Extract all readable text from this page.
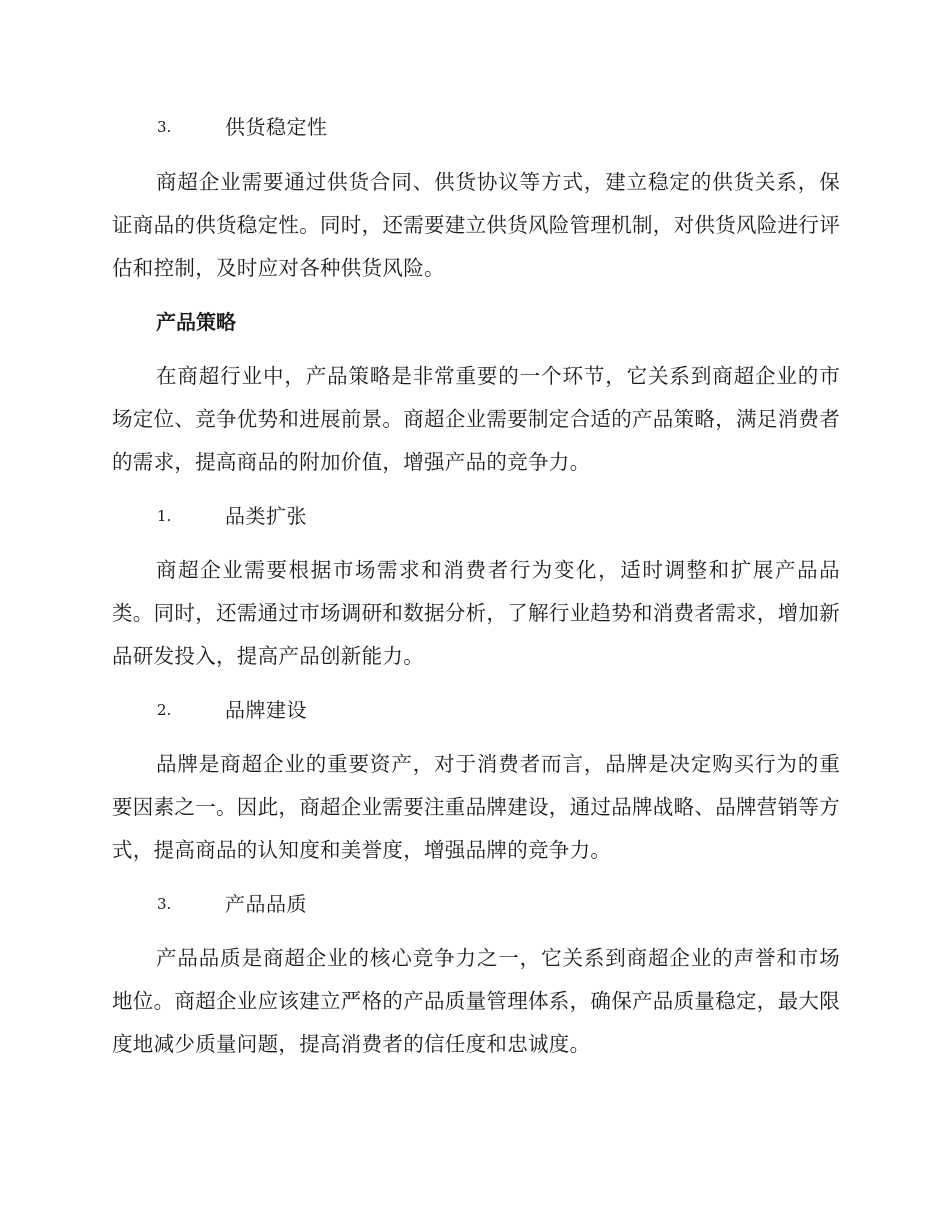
3.	供货稳定性
商超企业需要通过供货合同、供货协议等方式，建立稳定的供货关系，保证商品的供货稳定性。同时，还需要建立供货风险管理机制，对供货风险进行评估和控制，及时应对各种供货风险。
产品策略
在商超行业中，产品策略是非常重要的一个环节，它关系到商超企业的市场定位、竞争优势和进展前景。商超企业需要制定合适的产品策略，满足消费者的需求，提高商品的附加价值，增强产品的竞争力。
1.	品类扩张
商超企业需要根据市场需求和消费者行为变化，适时调整和扩展产品品类。同时，还需通过市场调研和数据分析，了解行业趋势和消费者需求，增加新品研发投入，提高产品创新能力。
2.	品牌建设
品牌是商超企业的重要资产，对于消费者而言，品牌是决定购买行为的重要因素之一。因此，商超企业需要注重品牌建设，通过品牌战略、品牌营销等方式，提高商品的认知度和美誉度，增强品牌的竞争力。
3.	产品品质
产品品质是商超企业的核心竞争力之一，它关系到商超企业的声誉和市场地位。商超企业应该建立严格的产品质量管理体系，确保产品质量稳定，最大限度地减少质量问题，提高消费者的信任度和忠诚度。
